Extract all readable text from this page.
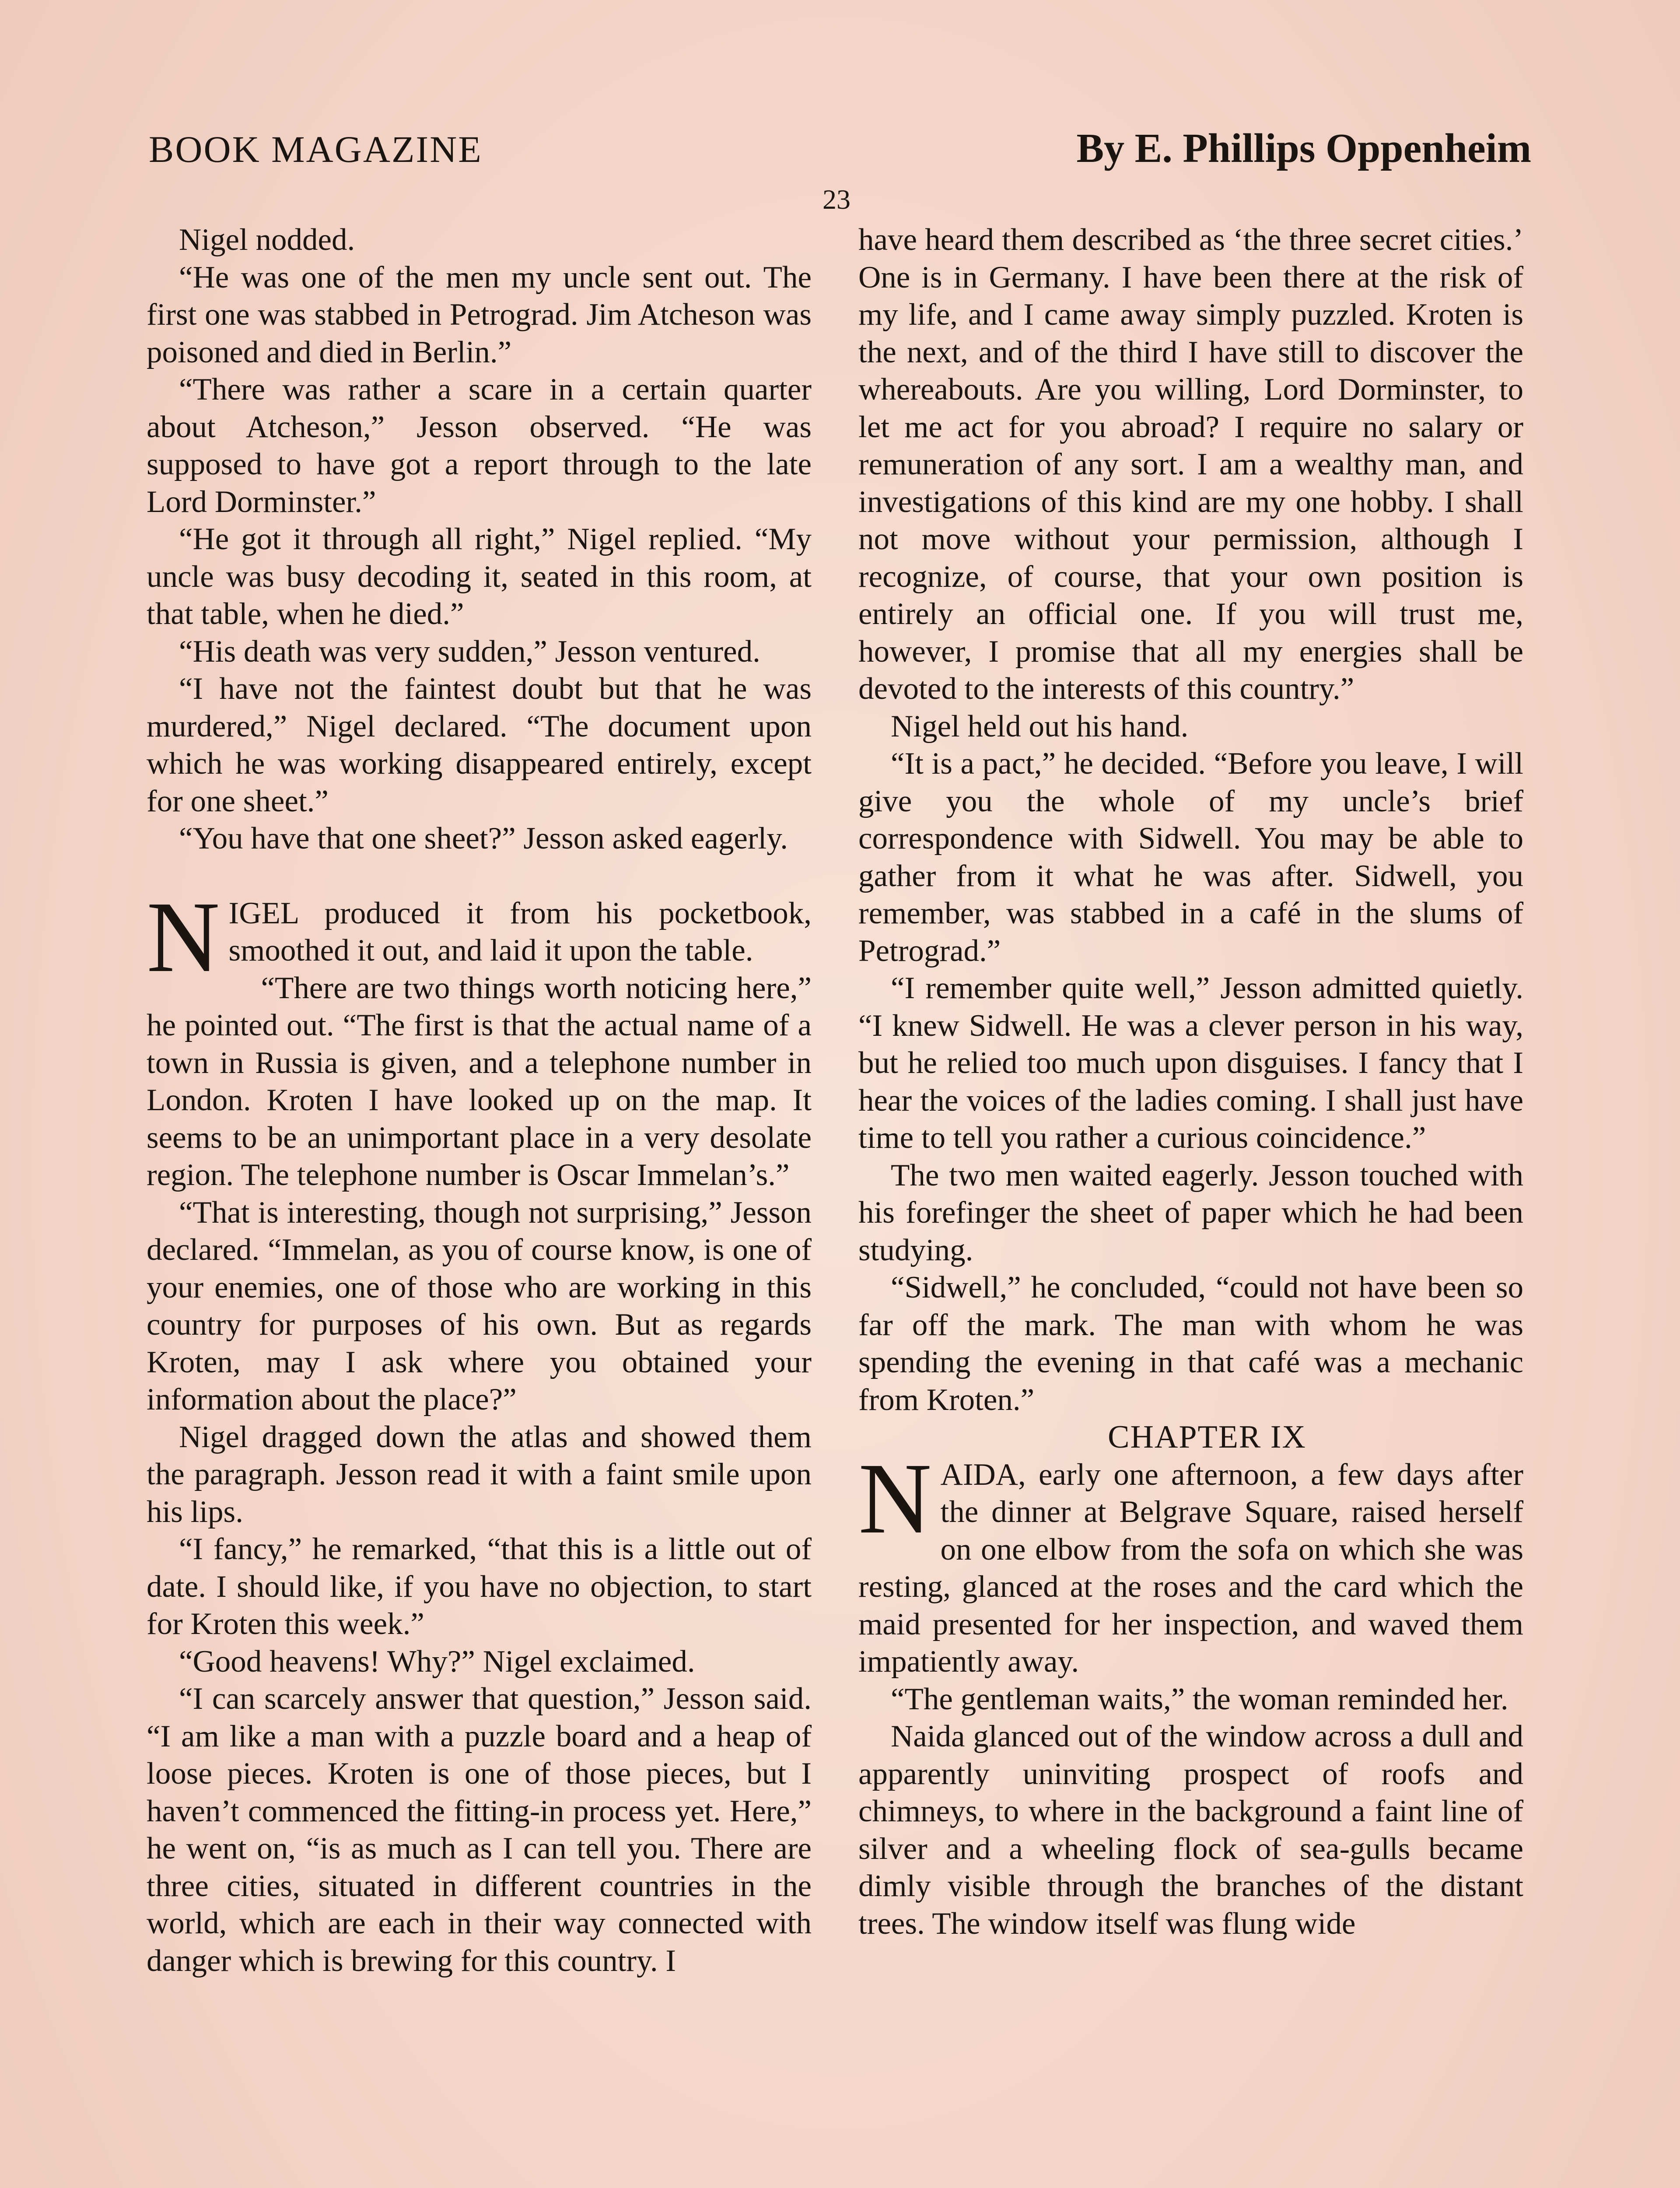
BOOK MAGAZINE	By E. Phillips Oppenheim
23

Nigel nodded.

“He was one of the men my uncle sent out. The first one was stabbed in Petrograd. Jim Atcheson was poisoned and died in Berlin.”

“There was rather a scare in a certain quarter about Atcheson,” Jesson observed. “He was supposed to have got a report through to the late Lord Dorminster.”

“He got it through all right,” Nigel replied. “My uncle was busy decoding it, seated in this room, at that table, when he died.”

“His death was very sudden,” Jesson ventured.

“I have not the faintest doubt but that he was murdered,” Nigel declared. “The document upon which he was working disappeared entirely, except for one sheet.”

“You have that one sheet?” Jesson asked eagerly.

NIGEL produced it from his pocketbook, smoothed it out, and laid it upon the table.

“There are two things worth noticing here,” he pointed out. “The first is that the actual name of a town in Russia is given, and a telephone number in London. Kroten I have looked up on the map. It seems to be an unimportant place in a very desolate region. The telephone number is Oscar Immelan’s.”

“That is interesting, though not surprising,” Jesson declared. “Immelan, as you of course know, is one of your enemies, one of those who are working in this country for purposes of his own. But as regards Kroten, may I ask where you obtained your information about the place?”

Nigel dragged down the atlas and showed them the paragraph. Jesson read it with a faint smile upon his lips.

“I fancy,” he remarked, “that this is a little out of date. I should like, if you have no objection, to start for Kroten this week.”

“Good heavens! Why?” Nigel exclaimed.

“I can scarcely answer that question,” Jesson said. “I am like a man with a puzzle board and a heap of loose pieces. Kroten is one of those pieces, but I haven’t commenced the fitting-in process yet. Here,” he went on, “is as much as I can tell you. There are three cities, situated in different countries in the world, which are each in their way connected with danger which is brewing for this country. I

have heard them described as ‘the three secret cities.’ One is in Germany. I have been there at the risk of my life, and I came away simply puzzled. Kroten is the next, and of the third I have still to discover the whereabouts. Are you willing, Lord Dorminster, to let me act for you abroad? I require no salary or remuneration of any sort. I am a wealthy man, and investigations of this kind are my one hobby. I shall not move without your permission, although I recognize, of course, that your own position is entirely an official one. If you will trust me, however, I promise that all my energies shall be devoted to the interests of this country.”

Nigel held out his hand.

“It is a pact,” he decided. “Before you leave, I will give you the whole of my uncle’s brief correspondence with Sidwell. You may be able to gather from it what he was after. Sidwell, you remember, was stabbed in a café in the slums of Petrograd.”

“I remember quite well,” Jesson admitted quietly. “I knew Sidwell. He was a clever person in his way, but he relied too much upon disguises. I fancy that I hear the voices of the ladies coming. I shall just have time to tell you rather a curious coincidence.”

The two men waited eagerly. Jesson touched with his forefinger the sheet of paper which he had been studying.

“Sidwell,” he concluded, “could not have been so far off the mark. The man with whom he was spending the evening in that café was a mechanic from Kroten.”

CHAPTER IX

NAIDA, early one afternoon, a few days after the dinner at Belgrave Square, raised herself on one elbow from the sofa on which she was resting, glanced at the roses and the card which the maid presented for her inspection, and waved them impatiently away.

“The gentleman waits,” the woman reminded her.

Naida glanced out of the window across a dull and apparently uninviting prospect of roofs and chimneys, to where in the background a faint line of silver and a wheeling flock of sea-gulls became dimly visible through the branches of the distant trees. The window itself was flung wide
